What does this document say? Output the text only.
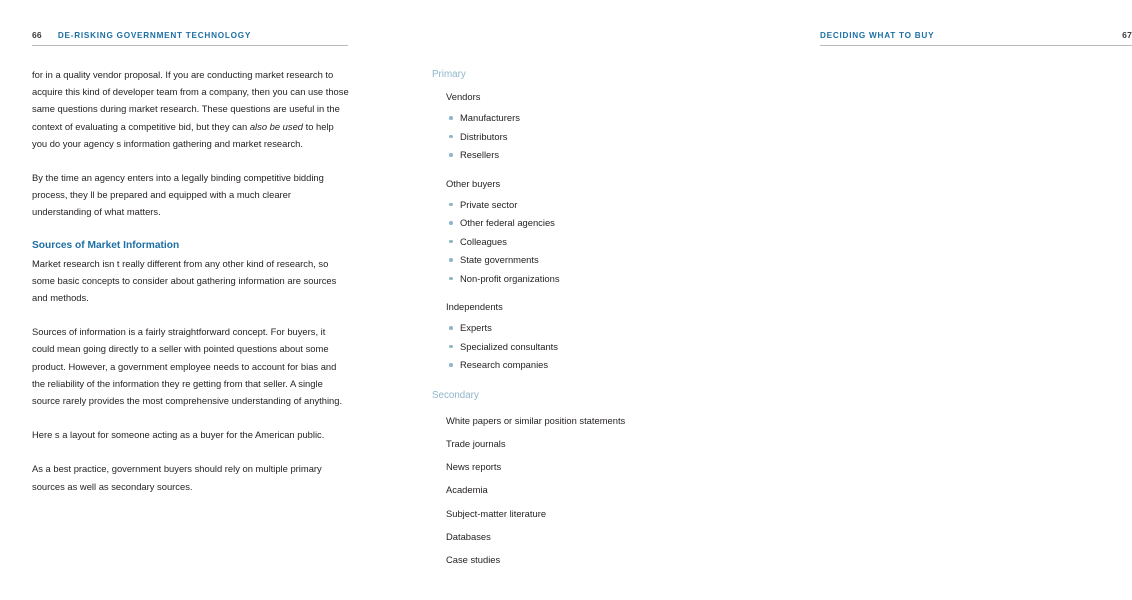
66 DE-RISKING GOVERNMENT TECHNOLOGY

for in a quality vendor proposal. If you are conducting market research to acquire this kind of developer team from a company, then you can use those same questions during market research. These questions are useful in the context of evaluating a competitive bid, but they can also be used to help you do your agency s information gathering and market research.

By the time an agency enters into a legally binding competitive bidding process, they ll be prepared and equipped with a much clearer understanding of what matters.

Sources of Market Information

Market research isn t really different from any other kind of research, so some basic concepts to consider about gathering information are sources and methods.

Sources of information is a fairly straightforward concept. For buyers, it could mean going directly to a seller with pointed questions about some product. However, a government employee needs to account for bias and the reliability of the information they re getting from that seller. A single source rarely provides the most comprehensive understanding of anything.

Here s a layout for someone acting as a buyer for the American public.

As a best practice, government buyers should rely on multiple primary sources as well as secondary sources.

DECIDING WHAT TO BUY	67
Primary
Vendors
Manufacturers
Distributors
Resellers
Other buyers
Private sector
Other federal agencies
Colleagues
State governments
Non-profit organizations
Independents
Experts
Specialized consultants
Research companies
Secondary
White papers or similar position statements
Trade journals
News reports
Academia
Subject-matter literature
Databases
Case studies
